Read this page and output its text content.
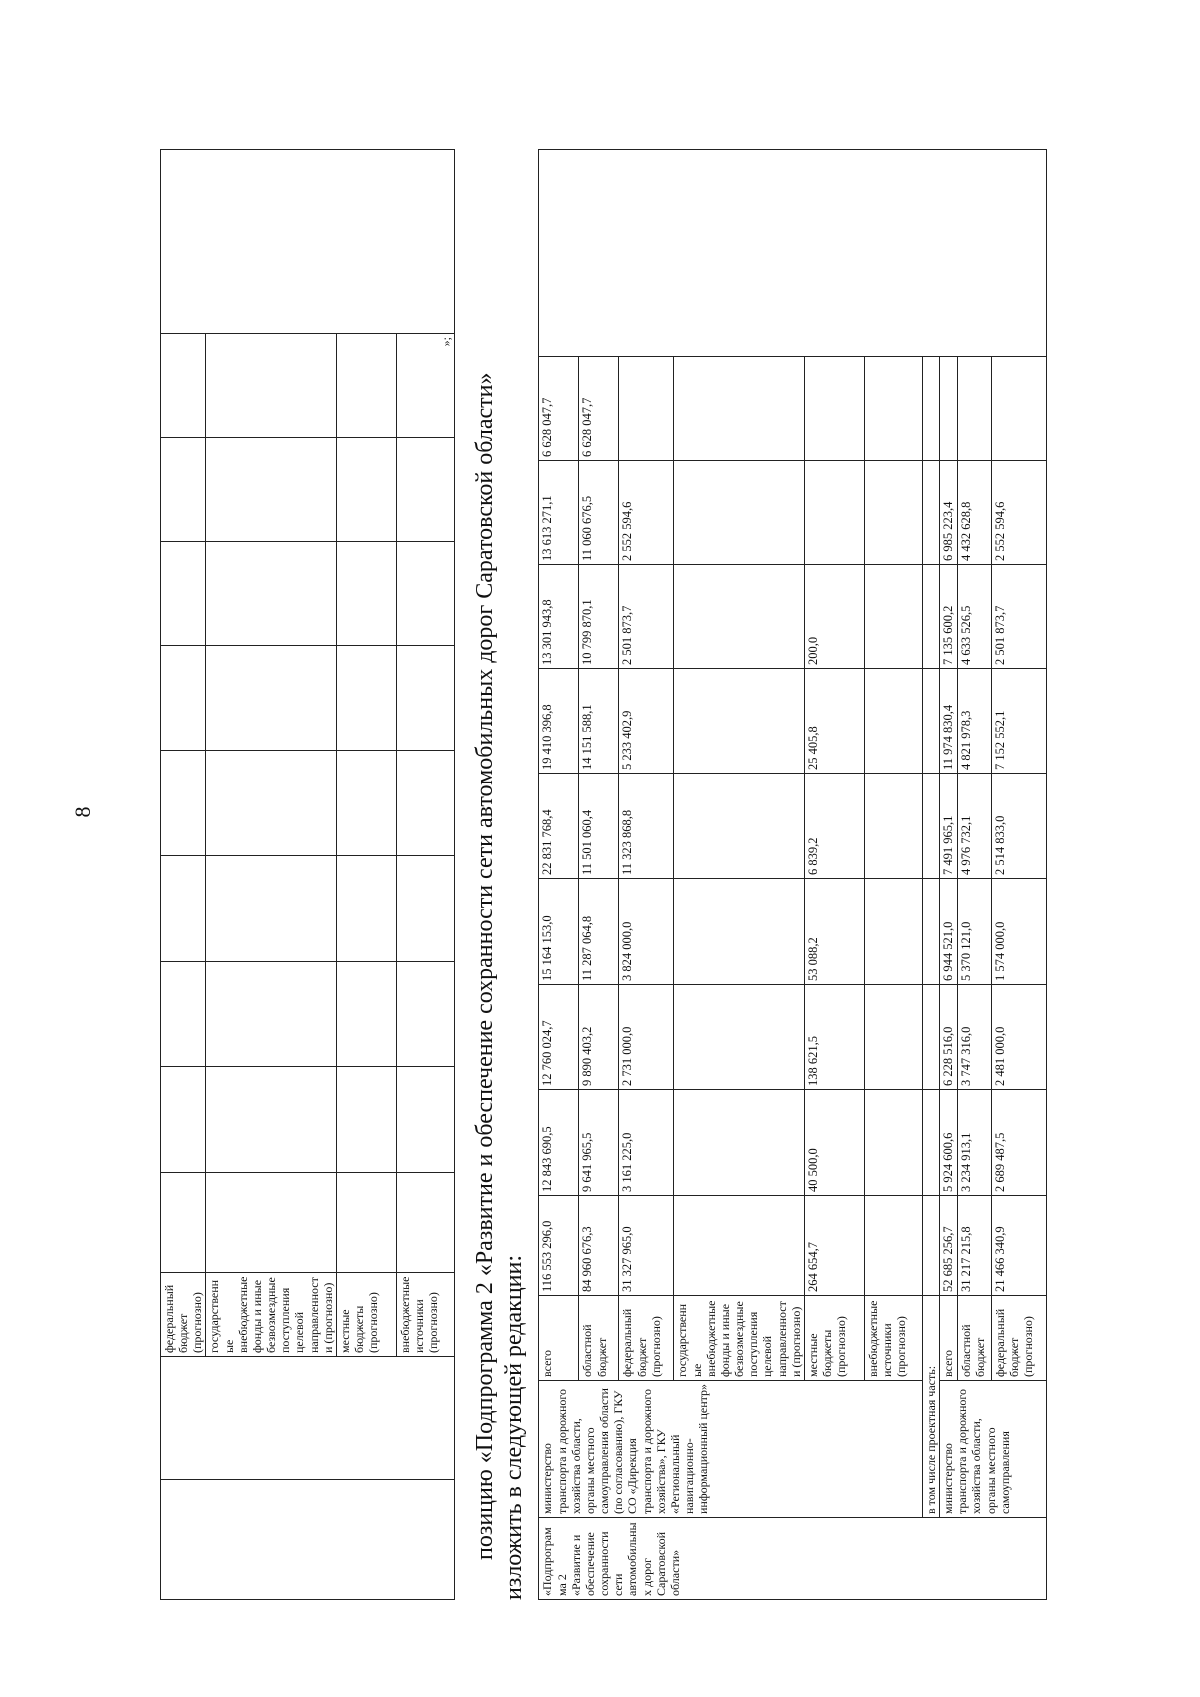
8
		федеральный бюджет (прогнозно)										
		государственные внебюджетные фонды и иные безвозмездные поступления целевой направленности (прогнозно)										
		местные бюджеты (прогнозно)										
		внебюджетные источники (прогнозно)									»;	
позицию «Подпрограмма 2 «Развитие и обеспечение сохранности сети автомобильных дорог Саратовской области» изложить в следующей редакции: «Подпрограмма 2 «Развитие и обеспечение сохранности сети автомобильных дорог Саратовской области»	министерство транспорта и дорожного хозяйства области, органы местного самоуправления области (по согласованию), ГКУ СО «Дирекция транспорта и дорожного хозяйства», ГКУ «Региональный навигационно-информационный центр»	всего	116 553 296,0	12 843 690,5	12 760 024,7	15 164 153,0	22 831 768,4	19 410 396,8	13 301 943,8	13 613 271,1	6 628 047,7	
		областной бюджет	84 960 676,3	9 641 965,5	9 890 403,2	11 287 064,8	11 501 060,4	14 151 588,1	10 799 870,1	11 060 676,5	6 628 047,7	
		федеральный бюджет (прогнозно)	31 327 965,0	3 161 225,0	2 731 000,0	3 824 000,0	11 323 868,8	5 233 402,9	2 501 873,7	2 552 594,6		
		государственные внебюджетные фонды и иные безвозмездные поступления целевой направленности (прогнозно)										
		местные бюджеты (прогнозно)	264 654,7	40 500,0	138 621,5	53 088,2	6 839,2	25 405,8	200,0			
		внебюджетные источники (прогнозно)										
	в том числе проектная часть:											
	министерство транспорта и дорожного хозяйства области, органы местного самоуправления	всего	52 685 256,7	5 924 600,6	6 228 516,0	6 944 521,0	7 491 965,1	11 974 830,4	7 135 600,2	6 985 223,4		
		областной бюджет	31 217 215,8	3 234 913,1	3 747 316,0	5 370 121,0	4 976 732,1	4 821 978,3	4 633 526,5	4 432 628,8		
		федеральный бюджет (прогнозно)	21 466 340,9	2 689 487,5	2 481 000,0	1 574 000,0	2 514 833,0	7 152 552,1	2 501 873,7	2 552 594,6		
